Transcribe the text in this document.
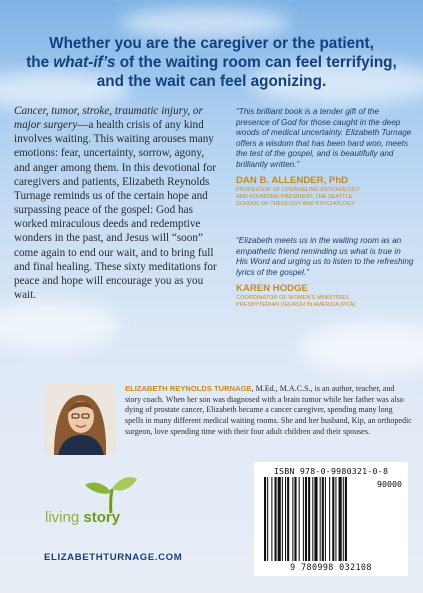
Whether you are the caregiver or the patient,
the what-if’s of the waiting room can feel terrifying,
and the wait can feel agonizing.
Cancer, tumor, stroke, traumatic injury, or major surgery—a health crisis of any kind involves waiting. This waiting arouses many emotions: fear, uncertainty, sorrow, agony, and anger among them. In this devotional for caregivers and patients, Elizabeth Reynolds Turnage reminds us of the certain hope and surpassing peace of the gospel: God has worked miraculous deeds and redemptive wonders in the past, and Jesus will “soon” come again to end our wait, and to bring full and final healing. These sixty meditations for peace and hope will encourage you as you wait.

“This brilliant book is a tender gift of the presence of God for those caught in the deep woods of medical uncertainty. Elizabeth Turnage offers a wisdom that has been hard won, meets the test of the gospel, and is beautifully and brilliantly written.”

DAN B. ALLENDER, PhD

PROFESSOR OF COUNSELING PSYCHOLOGY
AND FOUNDING PRESIDENT, THE SEATTLE
SCHOOL OF THEOLOGY AND PSYCHOLOGY

“Elizabeth meets us in the waiting room as an empathetic friend reminding us what is true in His Word and urging us to listen to the refreshing lyrics of the gospel.”

KAREN HODGE

COORDINATOR OF WOMEN’S MINISTRIES
PRESBYTERIAN CHURCH IN AMERICA (PCA)

ELIZABETH REYNOLDS TURNAGE, M.Ed., M.A.C.S., is an author, teacher, and story coach. When her son was diagnosed with a brain tumor while her father was also dying of prostate cancer, Elizabeth became a cancer caregiver, spending many long spells in many different medical waiting rooms. She and her husband, Kip, an orthopedic surgeon, love spending time with their four adult children and their spouses.
living story
ELIZABETHTURNAGE.COM
ISBN 978-0-9980321-0-8
90000
9 780998 032108
